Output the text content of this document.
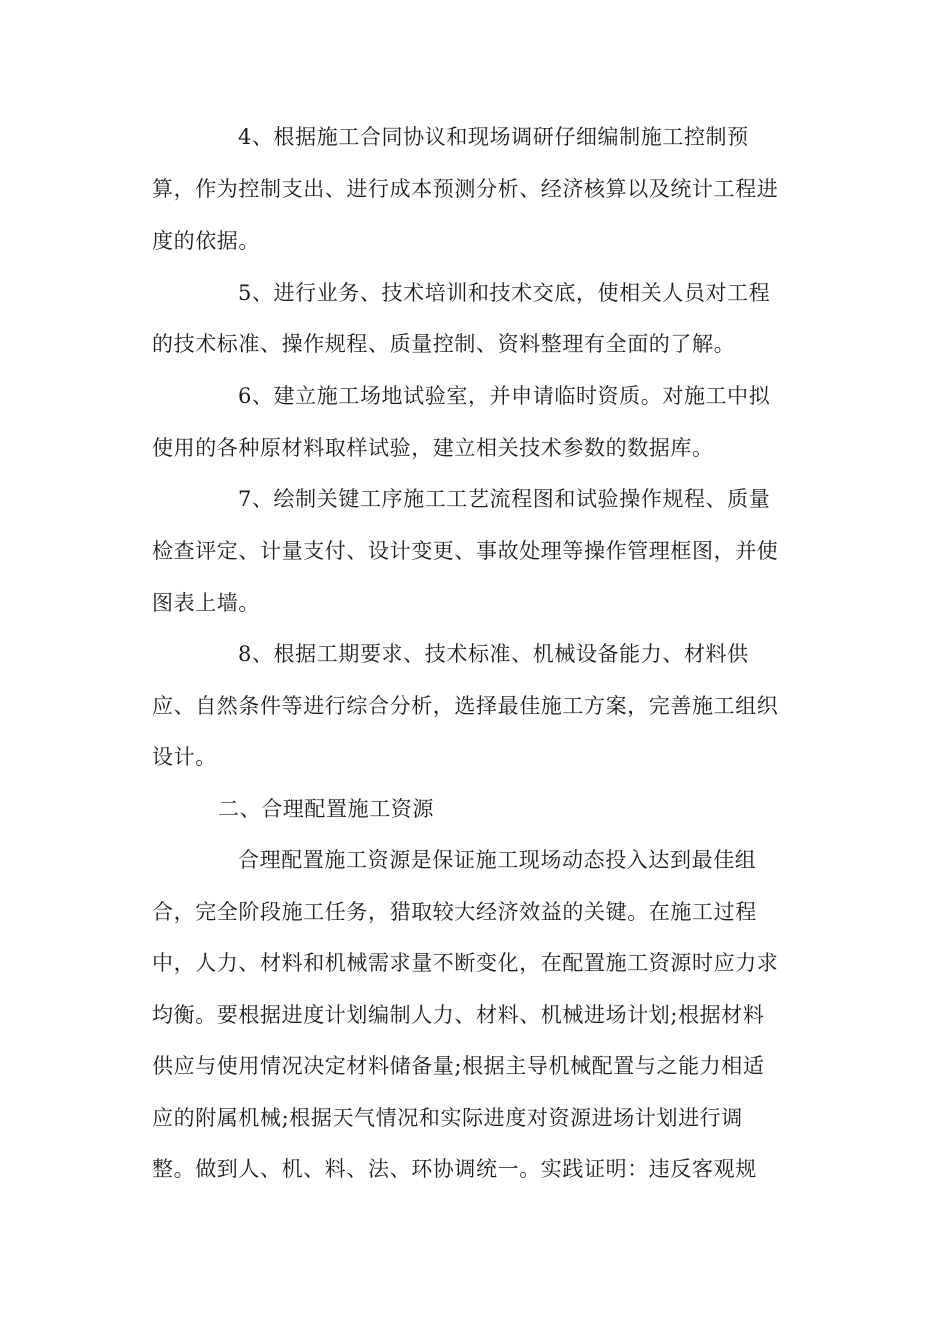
4、根据施工合同协议和现场调研仔细编制施工控制预
算，作为控制支出、进行成本预测分析、经济核算以及统计工程进
度的依据。
5、进行业务、技术培训和技术交底，使相关人员对工程
的技术标准、操作规程、质量控制、资料整理有全面的了解。
6、建立施工场地试验室，并申请临时资质。对施工中拟
使用的各种原材料取样试验，建立相关技术参数的数据库。
7、绘制关键工序施工工艺流程图和试验操作规程、质量
检查评定、计量支付、设计变更、事故处理等操作管理框图，并使
图表上墙。
8、根据工期要求、技术标准、机械设备能力、材料供
应、自然条件等进行综合分析，选择最佳施工方案，完善施工组织
设计。
二、合理配置施工资源
合理配置施工资源是保证施工现场动态投入达到最佳组
合，完全阶段施工任务，猎取较大经济效益的关键。在施工过程
中，人力、材料和机械需求量不断变化，在配置施工资源时应力求
均衡。要根据进度计划编制人力、材料、机械进场计划;根据材料
供应与使用情况决定材料储备量;根据主导机械配置与之能力相适
应的附属机械;根据天气情况和实际进度对资源进场计划进行调
整。做到人、机、料、法、环协调统一。实践证明：违反客观规
